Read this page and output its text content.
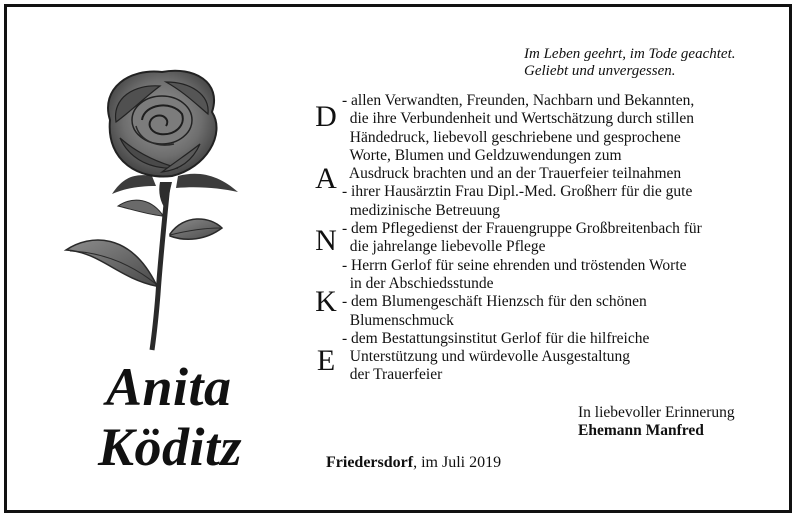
Im Leben geehrt, im Tode geachtet.
Geliebt und unvergessen.
Anita
Köditz
D
A
N
K
E
- allen Verwandten, Freunden, Nachbarn und Bekannten,
die ihre Verbundenheit und Wertschätzung durch stillen
Händedruck, liebevoll geschriebene und gesprochene
Worte, Blumen und Geldzuwendungen zum
Ausdruck brachten und an der Trauerfeier teilnahmen
- ihrer Hausärztin Frau Dipl.-Med. Großherr für die gute
medizinische Betreuung
- dem Pflegedienst der Frauengruppe Großbreitenbach für
die jahrelange liebevolle Pflege
- Herrn Gerlof für seine ehrenden und tröstenden Worte
in der Abschiedsstunde
- dem Blumengeschäft Hienzsch für den schönen
Blumenschmuck
- dem Bestattungsinstitut Gerlof für die hilfreiche
Unterstützung und würdevolle Ausgestaltung
der Trauerfeier
In liebevoller Erinnerung
Ehemann Manfred
Friedersdorf, im Juli 2019
